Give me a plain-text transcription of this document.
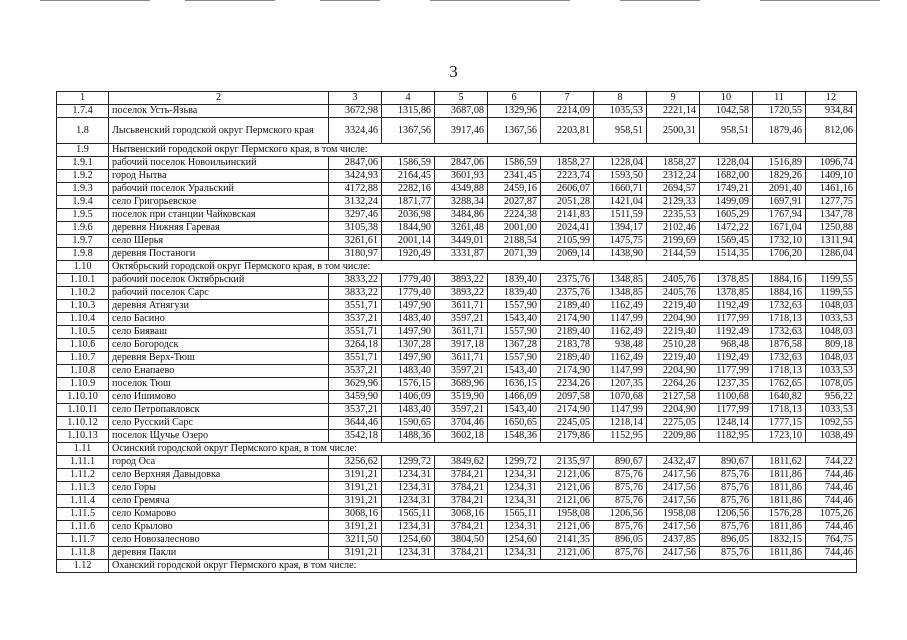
3
1	2	3	4	5	6	7	8	9	10	11	12
1.7.4	поселок Усть-Язьва	3672,98	1315,86	3687,08	1329,96	2214,09	1035,53	2221,14	1042,58	1720,55	934,84
1.8	Лысьвенский городской округ Пермского края	3324,46	1367,56	3917,46	1367,56	2203,81	958,51	2500,31	958,51	1879,46	812,06
1.9	Нытвенский городской округ Пермского края, в том числе:										
1.9.1	рабочий поселок Новоильинский	2847,06	1586,59	2847,06	1586,59	1858,27	1228,04	1858,27	1228,04	1516,89	1096,74
1.9.2	город Нытва	3424,93	2164,45	3601,93	2341,45	2223,74	1593,50	2312,24	1682,00	1829,26	1409,10
1.9.3	рабочий поселок Уральский	4172,88	2282,16	4349,88	2459,16	2606,07	1660,71	2694,57	1749,21	2091,40	1461,16
1.9.4	село Григорьевское	3132,24	1871,77	3288,34	2027,87	2051,28	1421,04	2129,33	1499,09	1697,91	1277,75
1.9.5	поселок при станции Чайковская	3297,46	2036,98	3484,86	2224,38	2141,83	1511,59	2235,53	1605,29	1767,94	1347,78
1.9.6	деревня Нижняя Гаревая	3105,38	1844,90	3261,48	2001,00	2024,41	1394,17	2102,46	1472,22	1671,04	1250,88
1.9.7	село Шерья	3261,61	2001,14	3449,01	2188,54	2105,99	1475,75	2199,69	1569,45	1732,10	1311,94
1.9.8	деревня Постаноги	3180,97	1920,49	3331,87	2071,39	2069,14	1438,90	2144,59	1514,35	1706,20	1286,04
1.10	Октябрьский городской округ Пермского края, в том числе:										
1.10.1	рабочий поселок Октябрьский	3833,22	1779,40	3893,22	1839,40	2375,76	1348,85	2405,76	1378,85	1884,16	1199,55
1.10.2	рабочий поселок Сарс	3833,22	1779,40	3893,22	1839,40	2375,76	1348,85	2405,76	1378,85	1884,16	1199,55
1.10.3	деревня Атнягузи	3551,71	1497,90	3611,71	1557,90	2189,40	1162,49	2219,40	1192,49	1732,63	1048,03
1.10.4	село Басино	3537,21	1483,40	3597,21	1543,40	2174,90	1147,99	2204,90	1177,99	1718,13	1033,53
1.10.5	село Бияваш	3551,71	1497,90	3611,71	1557,90	2189,40	1162,49	2219,40	1192,49	1732,63	1048,03
1.10.6	село Богородск	3264,18	1307,28	3917,18	1367,28	2183,78	938,48	2510,28	968,48	1876,58	809,18
1.10.7	деревня Верх-Тюш	3551,71	1497,90	3611,71	1557,90	2189,40	1162,49	2219,40	1192,49	1732,63	1048,03
1.10.8	село Енапаево	3537,21	1483,40	3597,21	1543,40	2174,90	1147,99	2204,90	1177,99	1718,13	1033,53
1.10.9	поселок Тюш	3629,96	1576,15	3689,96	1636,15	2234,26	1207,35	2264,26	1237,35	1762,65	1078,05
1.10.10	село Ишимово	3459,90	1406,09	3519,90	1466,09	2097,58	1070,68	2127,58	1100,68	1640,82	956,22
1.10.11	село Петропавловск	3537,21	1483,40	3597,21	1543,40	2174,90	1147,99	2204,90	1177,99	1718,13	1033,53
1.10.12	село Русский Сарс	3644,46	1590,65	3704,46	1650,65	2245,05	1218,14	2275,05	1248,14	1777,15	1092,55
1.10.13	поселок Щучье Озеро	3542,18	1488,36	3602,18	1548,36	2179,86	1152,95	2209,86	1182,95	1723,10	1038,49
1.11	Осинский городской округ Пермского края, в том числе:										
1.11.1	город Оса	3256,62	1299,72	3849,62	1299,72	2135,97	890,67	2432,47	890,67	1811,62	744,22
1.11.2	село Верхняя Давыдовка	3191,21	1234,31	3784,21	1234,31	2121,06	875,76	2417,56	875,76	1811,86	744,46
1.11.3	село Горы	3191,21	1234,31	3784,21	1234,31	2121,06	875,76	2417,56	875,76	1811,86	744,46
1.11.4	село Гремяча	3191,21	1234,31	3784,21	1234,31	2121,06	875,76	2417,56	875,76	1811,86	744,46
1.11.5	село Комарово	3068,16	1565,11	3068,16	1565,11	1958,08	1206,56	1958,08	1206,56	1576,28	1075,26
1.11.6	село Крылово	3191,21	1234,31	3784,21	1234,31	2121,06	875,76	2417,56	875,76	1811,86	744,46
1.11.7	село Новозалесново	3211,50	1254,60	3804,50	1254,60	2141,35	896,05	2437,85	896,05	1832,15	764,75
1.11.8	деревня Пакли	3191,21	1234,31	3784,21	1234,31	2121,06	875,76	2417,56	875,76	1811,86	744,46
1.12	Оханский городской округ Пермского края, в том числе:										
